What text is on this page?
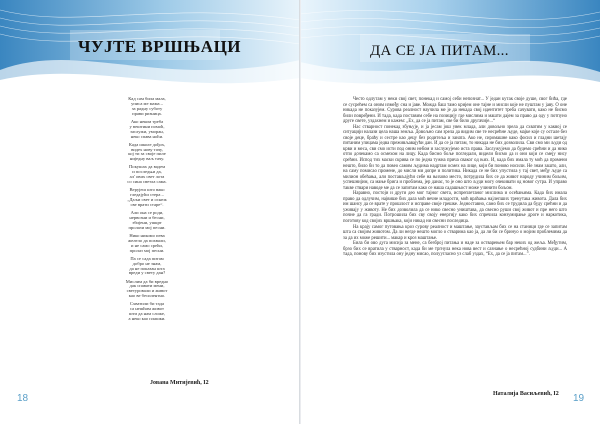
ЧУЈТЕ ВРШЊАЦИ	ДА СЕ ЈА ПИТАМ...
Кад сам била мала,
уписа ме мама –
за радну суботу
прави ризница.
Ако неком треба
у вештини помоћ,
заслужи, уморан,
неко спава ноћи.
Када школе дођох,
видех нову тачу,
кој ти за своје пиле
ниједну ваљ тачу.
Покушах да вадем
и последњи да,
ал' ових свет лота
со сина светла сама.
Верујеш што вако
гледајући стера –
„Даљи свет и оснеж
све врати старе“.
Али она се роди,
нервозни и бесни,
збијени, ушкрт
пролази мој песни.
Нико никомо пева
желело да похвали,
и не само срећи,
пролаз мој песни.
Па се сада питам
добро не знам,
да не показан шта
вреди у свету дан?
Мислим да би вредно
дак спавати мени,
светуровали и живот
као ве бесилентно.
Схватили би тада
са нешћим живот
шти да нам сложе,
а неко као плашки.
Јована Митијевић, I2
18

Често одлутам у неки свој свет, понекад и самој себи непознат... У један кутак своје душе, свог бића, где се сусрећем са оним између сна и јаве. Можда баш тамо кријем оне тајне и мисли које не пуштам у јаву. О оне никада не показујем. Сурова реалност научила ме је да некада свој идентитет треба сачувати, како не бисмо били повређени. И тада, када поставим себе на позицију где мислима и машти дајем за право да оду у потпуно друге свете, уздахнем и кажем: „Ех, да се ја питам, све би било другачије...“

Нас стварност понекад збуњује, и ја јесам још увек млада, али довољно зрела да схватим у каквој се ситуацији налази цела наша земља. Довољно сам зрела да видим све те несрећне људе, мајке које су остале без своје деце, браћу и сестре као децу без родитеља и заната. Ако не, сиромашне како фосил и гладни шетају питаним улицама једва преживљавајући дан. И да се ја питам, то никада не бих дозволила. Сви смо ми људи од крви и меса, сви смо исти под оним небом и заслужујемо иста права. Заслужујемо да будемо срећни и да нико отпо дочекамо са осмехом на лицу. Када бисмо боље погледали, видели бисмо да и они који се смеју нису срећни. Испод тих маски скрива се по једна тужна прича сваког од њих. И, када бих имала ту моћ да промени нешто, било би то да повео самим људима надртам осмех на лице, који би поново носили. Не знам зашто, али, на саму помисао промене, до мисли ми допре и политика. Никада се не бих упустила у тај свет, међу људе са милион обећања, али постављајући себе на њихово место, потрудила бих се да живот народу учиним бољим, успешнијим, са мање брига и проблема, јер данас, то је оно што људи могу очекивати од новог сутра. И управо такве ствари наводе ме да се запитам како се наша садашњост може учинити бољом.

Наравно, постоји и други део мог тајног света, испреплетаног мислима и осећањима. Када бих имала право да одлучим, највише бих дала моћ вечне младости, моћ враћања најлепших тренутака живота. Дала бих им шансу да се врате у прошлост и исправе своје грешке. Једноставно, само бих се трудила да буду срећни и да уживају у животу. Не бих дозволила да се нико свесно уништава, да свесно руши свој живот и пре него што почне да га гради. Потрошила бих сву своју енергију како бих спречила конзумирање дроге и наркотика, поготову код својих вршњака, који никад ни свесни последица.

На крају самог путовања кроз сурову реалност и маштање, заустављам бих се на станици где се запитам шта са својим животом. Да ли негде нешто могло о стварима као ја, да ли би се бринуо о мојим проблемима да за да их може решити... макар и кроз маштање.

Била би ово дуга мисија за мене, са безброј питања и наде за остварењем бар неких од жеља. Међутим, брзо бих се вратила у стварност, када би ме тргнула нека нова вест и сазнање о несрећној судбини људи... А тада, понову бих изустила ону једну мисао, полуугласно уз слаб уздах, “Ех, да се ја питам...”.

Наталија Васиљевић, I2 19
